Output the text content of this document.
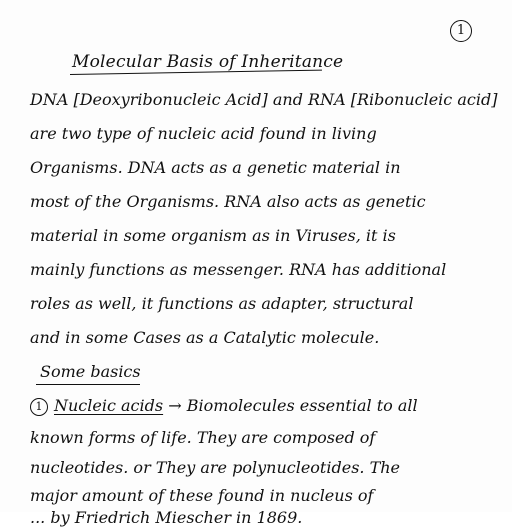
1
Molecular Basis of Inheritance
DNA [Deoxyribonucleic Acid] and RNA [Ribonucleic acid]
are two type of nucleic acid found in living
Organisms. DNA acts as a genetic material in
most of the Organisms. RNA also acts as genetic
material in some organism as in Viruses, it is
mainly functions as messenger. RNA has additional
roles as well, it functions as adapter, structural
and in some Cases as a Catalytic molecule.
Some basics
1 Nucleic acids → Biomolecules essential to all
known forms of life. They are composed of
nucleotides. or They are polynucleotides. The
major amount of these found in nucleus of
... by Friedrich Miescher in 1869.
